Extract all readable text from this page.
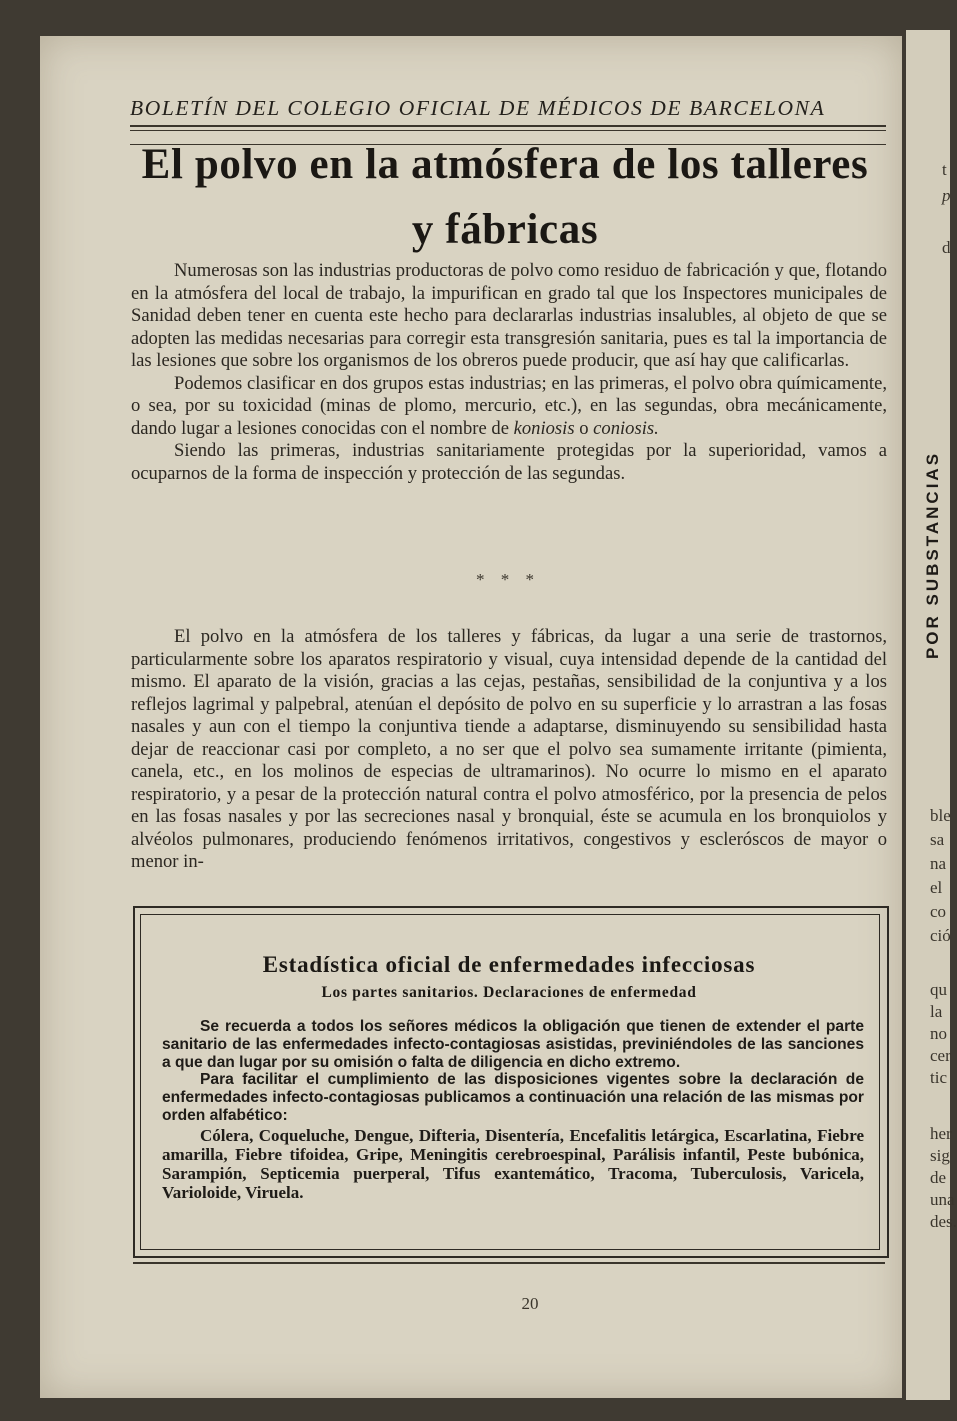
POR SUBSTANCIAS
t
p
d
ble
sa
na
el
co
ció
qu
la
no
cer
tic
her
sig
de
una
des.
BOLETÍN DEL COLEGIO OFICIAL DE MÉDICOS DE BARCELONA
El polvo en la atmósfera de los talleres
y fábricas

Numerosas son las industrias productoras de polvo como residuo de fabricación y que, flotando en la atmósfera del local de trabajo, la impurifican en grado tal que los Inspectores municipales de Sanidad deben tener en cuenta este hecho para declararlas industrias insalubles, al objeto de que se adopten las medidas necesarias para corregir esta transgresión sanitaria, pues es tal la importancia de las lesiones que sobre los organismos de los obreros puede producir, que así hay que calificarlas.

Podemos clasificar en dos grupos estas industrias; en las primeras, el polvo obra químicamente, o sea, por su toxicidad (minas de plomo, mercurio, etc.), en las segundas, obra mecánicamente, dando lugar a lesiones conocidas con el nombre de koniosis o coniosis.

Siendo las primeras, industrias sanitariamente protegidas por la superioridad, vamos a ocuparnos de la forma de inspección y protección de las segundas.

* * *

El polvo en la atmósfera de los talleres y fábricas, da lugar a una serie de trastornos, particularmente sobre los aparatos respiratorio y visual, cuya intensidad depende de la cantidad del mismo. El aparato de la visión, gracias a las cejas, pestañas, sensibilidad de la conjuntiva y a los reflejos lagrimal y palpebral, atenúan el depósito de polvo en su superficie y lo arrastran a las fosas nasales y aun con el tiempo la conjuntiva tiende a adaptarse, disminuyendo su sensibilidad hasta dejar de reaccionar casi por completo, a no ser que el polvo sea sumamente irritante (pimienta, canela, etc., en los molinos de especias de ultramarinos). No ocurre lo mismo en el aparato respiratorio, y a pesar de la protección natural contra el polvo atmosférico, por la presencia de pelos en las fosas nasales y por las secreciones nasal y bronquial, éste se acumula en los bronquiolos y alvéolos pulmonares, produciendo fenómenos irritativos, congestivos y escleróscos de mayor o menor in-

Estadística oficial de enfermedades infecciosas
Los partes sanitarios. Declaraciones de enfermedad

Se recuerda a todos los señores médicos la obligación que tienen de extender el parte sanitario de las enfermedades infecto-contagiosas asistidas, previniéndoles de las sanciones a que dan lugar por su omisión o falta de diligencia en dicho extremo.

Para facilitar el cumplimiento de las disposiciones vigentes sobre la declaración de enfermedades infecto-contagiosas publicamos a continuación una relación de las mismas por orden alfabético:

Cólera, Coqueluche, Dengue, Difteria, Disentería, Encefalitis letárgica, Escarlatina, Fiebre amarilla, Fiebre tifoidea, Gripe, Meningitis cerebroespinal, Parálisis infantil, Peste bubónica, Sarampión, Septicemia puerperal, Tifus exantemático, Tracoma, Tuberculosis, Varicela, Varioloide, Viruela.

20
